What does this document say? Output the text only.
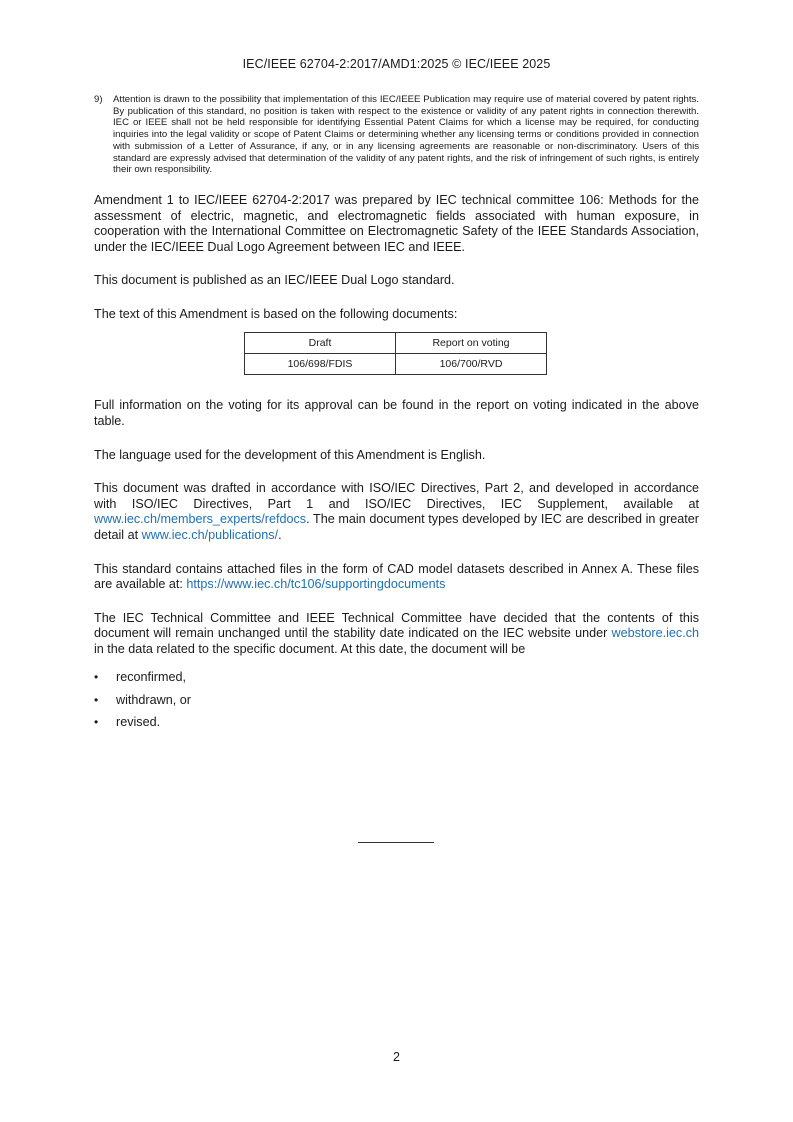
IEC/IEEE 62704-2:2017/AMD1:2025 © IEC/IEEE 2025
9)	Attention is drawn to the possibility that implementation of this IEC/IEEE Publication may require use of material covered by patent rights. By publication of this standard, no position is taken with respect to the existence or validity of any patent rights in connection therewith. IEC or IEEE shall not be held responsible for identifying Essential Patent Claims for which a license may be required, for conducting inquiries into the legal validity or scope of Patent Claims or determining whether any licensing terms or conditions provided in connection with submission of a Letter of Assurance, if any, or in any licensing agreements are reasonable or non-discriminatory. Users of this standard are expressly advised that determination of the validity of any patent rights, and the risk of infringement of such rights, is entirely their own responsibility.

Amendment 1 to IEC/IEEE 62704-2:2017 was prepared by IEC technical committee 106: Methods for the assessment of electric, magnetic, and electromagnetic fields associated with human exposure, in cooperation with the International Committee on Electromagnetic Safety of the IEEE Standards Association, under the IEC/IEEE Dual Logo Agreement between IEC and IEEE.

This document is published as an IEC/IEEE Dual Logo standard.

The text of this Amendment is based on the following documents:

Draft	Report on voting
106/698/FDIS	106/700/RVD

Full information on the voting for its approval can be found in the report on voting indicated in the above table.

The language used for the development of this Amendment is English.

This document was drafted in accordance with ISO/IEC Directives, Part 2, and developed in accordance with ISO/IEC Directives, Part 1 and ISO/IEC Directives, IEC Supplement, available at www.iec.ch/members_experts/refdocs. The main document types developed by IEC are described in greater detail at www.iec.ch/publications/.

This standard contains attached files in the form of CAD model datasets described in Annex A. These files are available at: https://www.iec.ch/tc106/supportingdocuments

The IEC Technical Committee and IEEE Technical Committee have decided that the contents of this document will remain unchanged until the stability date indicated on the IEC website under webstore.iec.ch in the data related to the specific document. At this date, the document will be

•	reconfirmed,
•	withdrawn, or
•	revised.
2
